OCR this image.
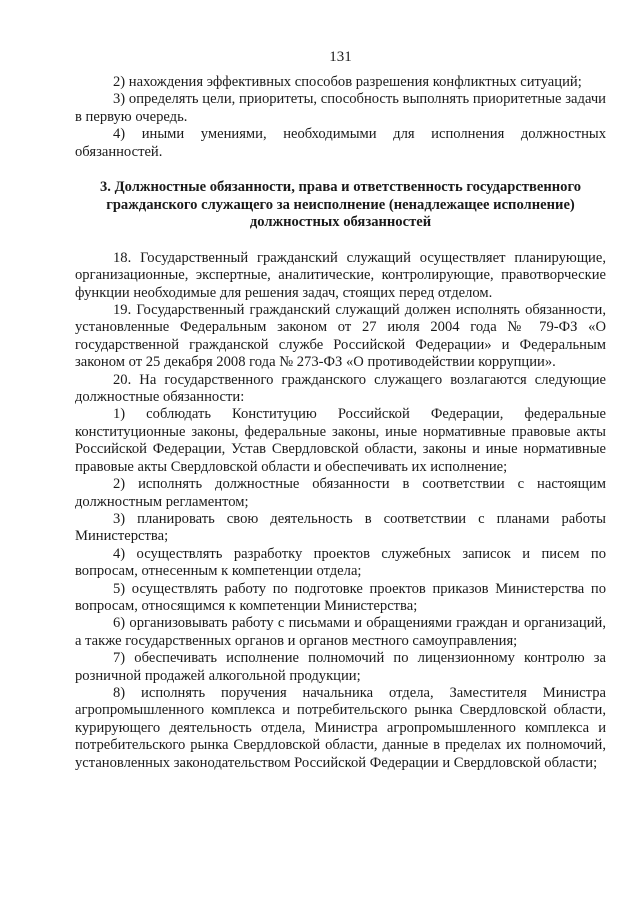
131

2) нахождения эффективных способов разрешения конфликтных ситуаций;

3) определять цели, приоритеты, способность выполнять приоритетные задачи в первую очередь.

4) иными умениями, необходимыми для исполнения должностных обязанностей.

3. Должностные обязанности, права и ответственность государственного гражданского служащего за неисполнение (ненадлежащее исполнение) должностных обязанностей

18. Государственный гражданский служащий осуществляет планирующие, организационные, экспертные, аналитические, контролирующие, правотворческие функции необходимые для решения задач, стоящих перед отделом.

19. Государственный гражданский служащий должен исполнять обязанности, установленные Федеральным законом от 27 июля 2004 года № 79-ФЗ «О государственной гражданской службе Российской Федерации» и Федеральным законом от 25 декабря 2008 года № 273-ФЗ «О противодействии коррупции».

20. На государственного гражданского служащего возлагаются следующие должностные обязанности:

1) соблюдать Конституцию Российской Федерации, федеральные конституционные законы, федеральные законы, иные нормативные правовые акты Российской Федерации, Устав Свердловской области, законы и иные нормативные правовые акты Свердловской области и обеспечивать их исполнение;

2) исполнять должностные обязанности в соответствии с настоящим должностным регламентом;

3) планировать свою деятельность в соответствии с планами работы Министерства;

4) осуществлять разработку проектов служебных записок и писем по вопросам, отнесенным к компетенции отдела;

5) осуществлять работу по подготовке проектов приказов Министерства по вопросам, относящимся к компетенции Министерства;

6) организовывать работу с письмами и обращениями граждан и организаций, а также государственных органов и органов местного самоуправления;

7) обеспечивать исполнение полномочий по лицензионному контролю за розничной продажей алкогольной продукции;

8) исполнять поручения начальника отдела, Заместителя Министра агропромышленного комплекса и потребительского рынка Свердловской области, курирующего деятельность отдела, Министра агропромышленного комплекса и потребительского рынка Свердловской области, данные в пределах их полномочий, установленных законодательством Российской Федерации и Свердловской области;
